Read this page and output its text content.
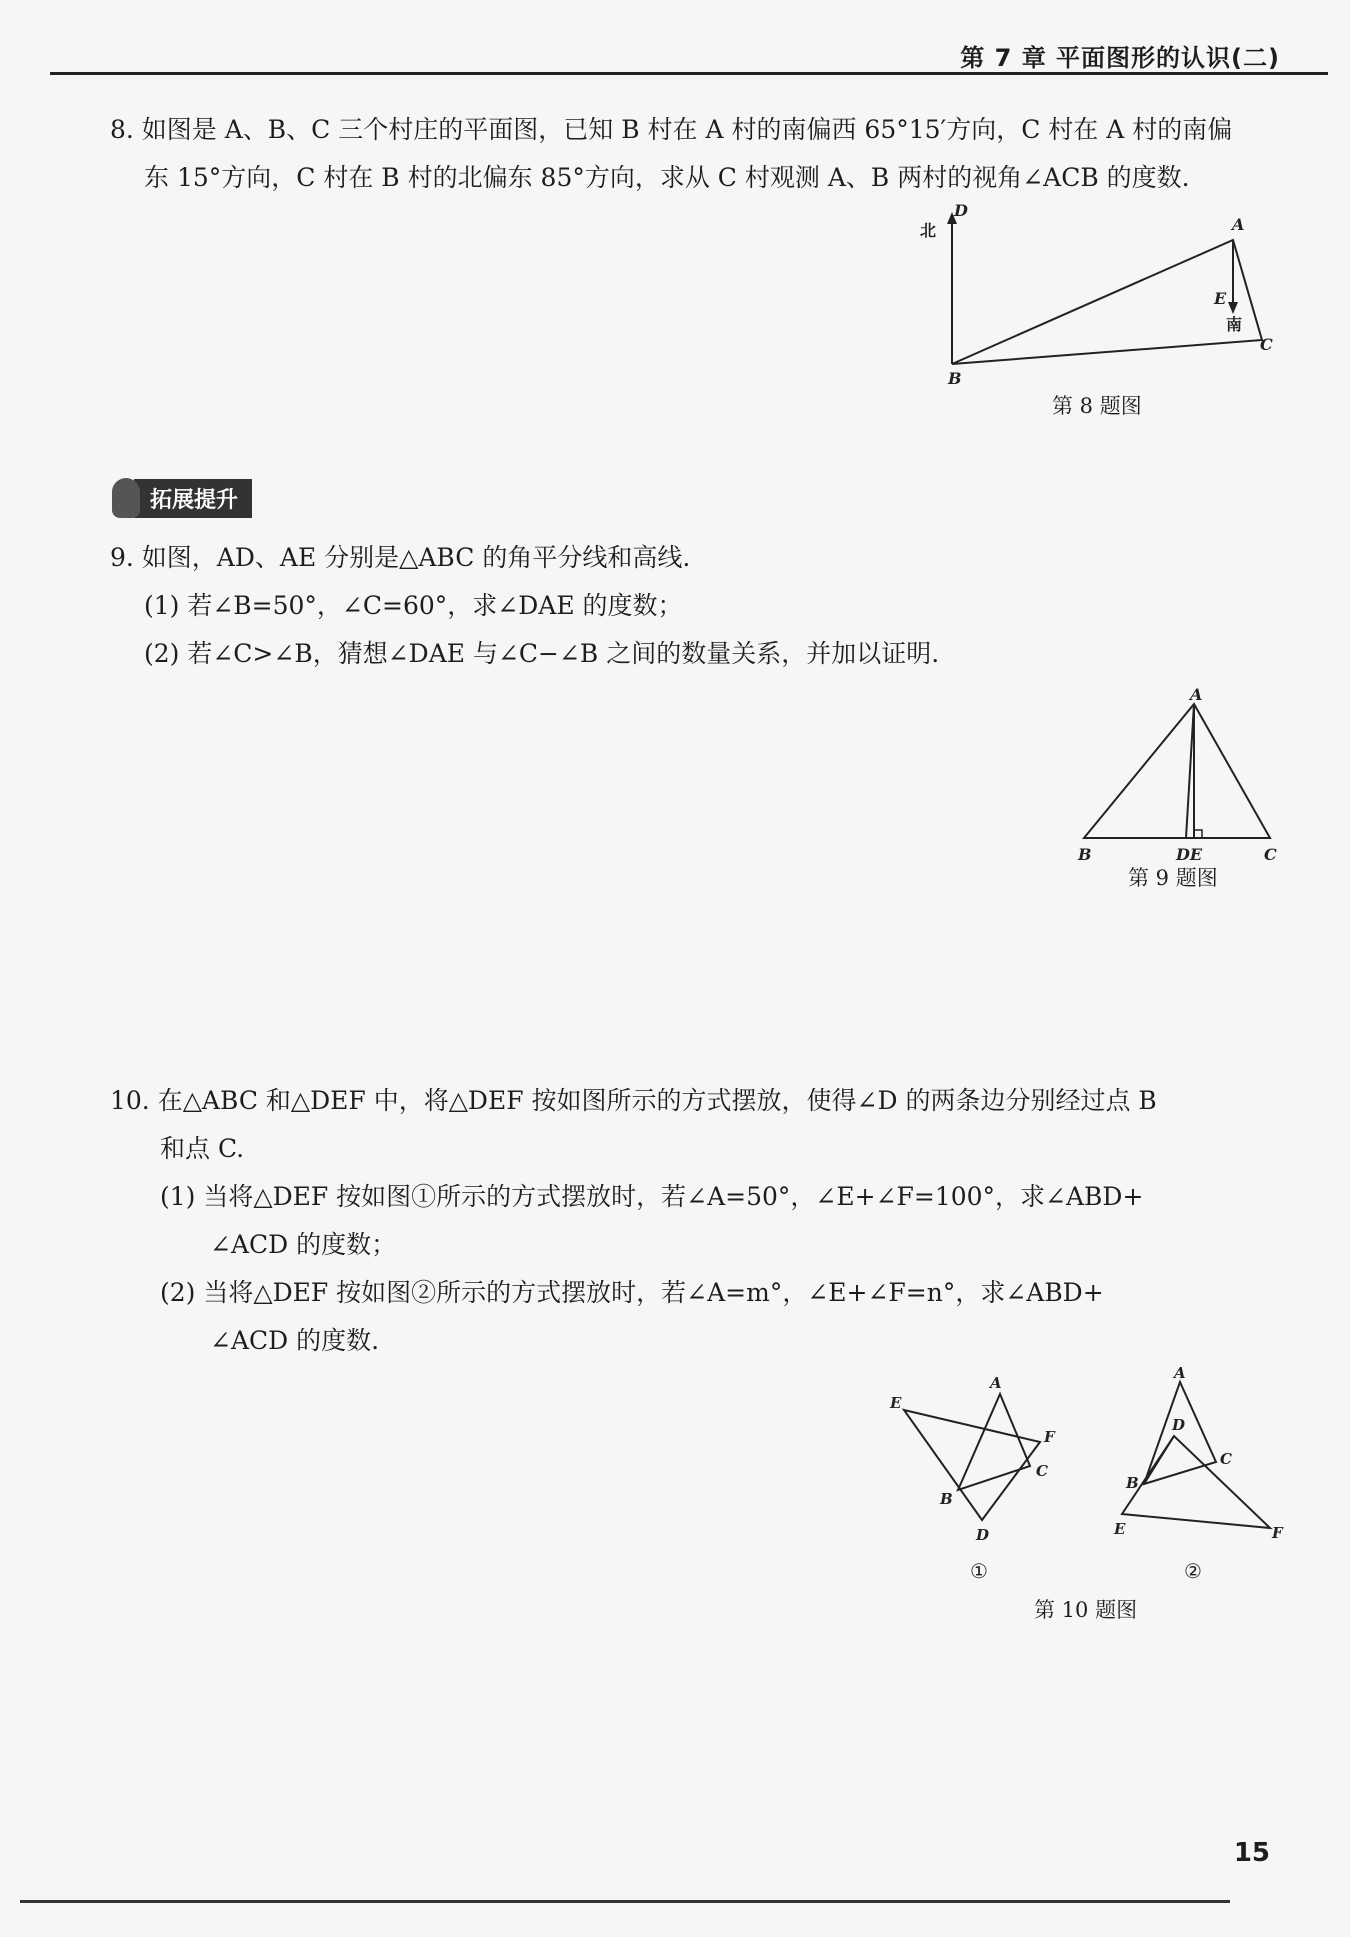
第 7 章 平面图形的认识(二)

8. 如图是 A、B、C 三个村庄的平面图，已知 B 村在 A 村的南偏西 65°15′方向，C 村在 A 村的南偏

东 15°方向，C 村在 B 村的北偏东 85°方向，求从 C 村观测 A、B 两村的视角∠ACB 的度数.

D
北	A
E
南
C
B
第 8 题图
拓展提升

9. 如图，AD、AE 分别是△ABC 的角平分线和高线.

(1) 若∠B=50°，∠C=60°，求∠DAE 的度数；

(2) 若∠C>∠B，猜想∠DAE 与∠C−∠B 之间的数量关系，并加以证明.

A
B	DE	C
第 9 题图

10. 在△ABC 和△DEF 中，将△DEF 按如图所示的方式摆放，使得∠D 的两条边分别经过点 B

和点 C.

(1) 当将△DEF 按如图①所示的方式摆放时，若∠A=50°，∠E+∠F=100°，求∠ABD+

∠ACD 的度数；

(2) 当将△DEF 按如图②所示的方式摆放时，若∠A=m°，∠E+∠F=n°，求∠ABD+

∠ACD 的度数.

A
E
F
C
B
D
A
D
C
B
E	F
①	②
第 10 题图
15
